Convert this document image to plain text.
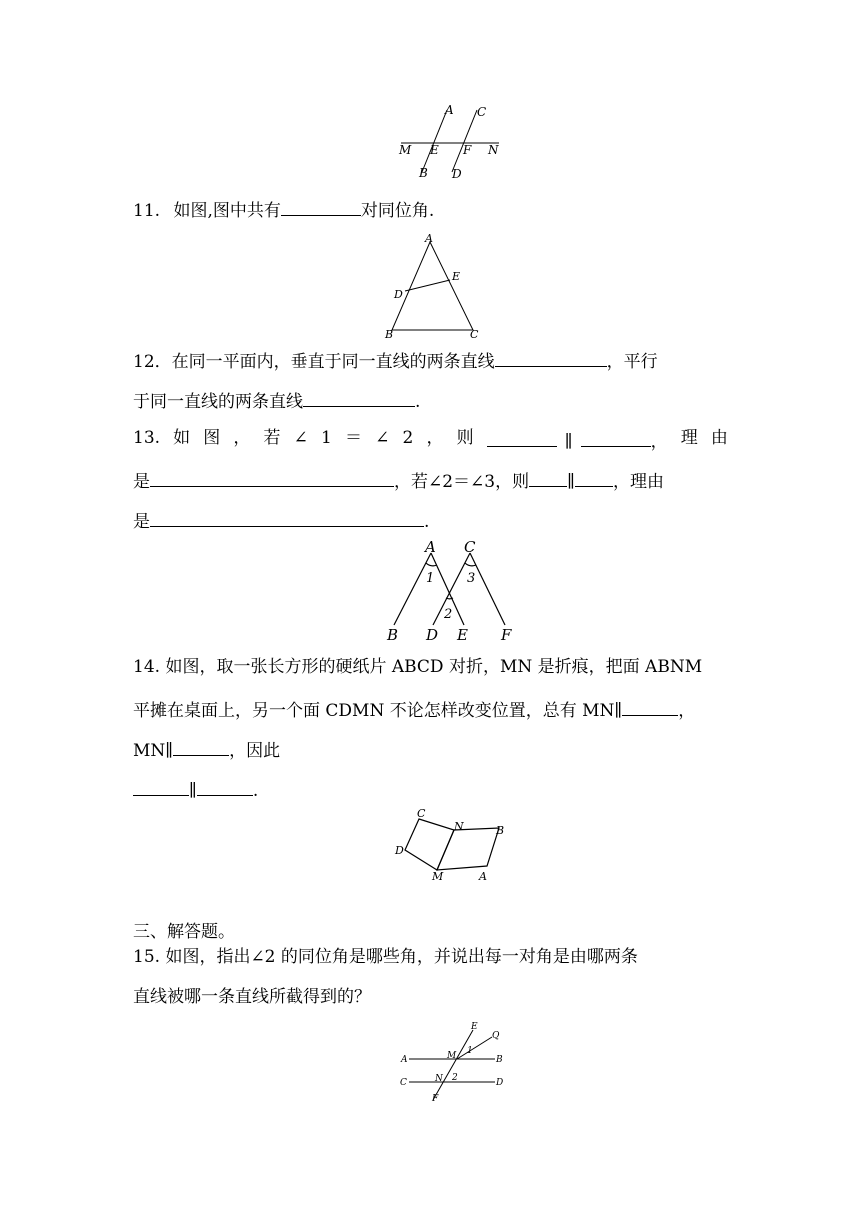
A C
M E F N
B D
11. 如图,图中共有	对同位角.
A
E
D
B	C
12．在同一平面内，垂直于同一直线的两条直线	，平行
于同一直线的两条直线	.
13. 如 图 ， 若 ∠ 1 ＝ ∠ 2 ， 则	∥	， 理 由
是	，若∠2＝∠3，则 ∥ ，理由
是	.
A C
1	3
2
B D E F
14. 如图，取一张长方形的硬纸片 ABCD 对折，MN 是折痕，把面 ABNM
平摊在桌面上，另一个面 CDMN 不论怎样改变位置，总有 MN∥	，
MN∥	，因此
∥	.
C
N	B
D
M	A
三、解答题。
15. 如图，指出∠2 的同位角是哪些角，并说出每一对角是由哪两条
直线被哪一条直线所截得到的？
E
Q
A	M 1
B
C	N 2	D
F
